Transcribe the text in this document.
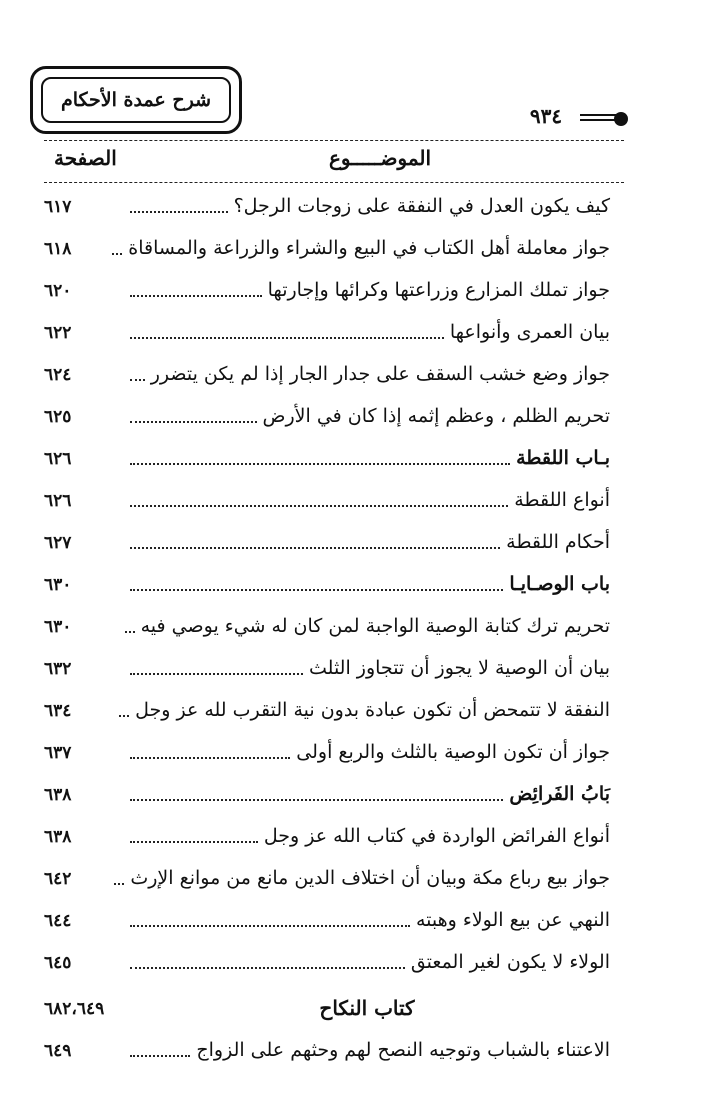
شرح عمدة الأحكام
٩٣٤
الموضـــــوع
الصفحة
كيف يكون العدل في النفقة على زوجات الرجل؟
٦١٧
جواز معاملة أهل الكتاب في البيع والشراء والزراعة والمساقاة
٦١٨
جواز تملك المزارع وزراعتها وكرائها وإجارتها
٦٢٠
بيان العمرى وأنواعها
٦٢٢
جواز وضع خشب السقف على جدار الجار إذا لم يكن يتضرر
٦٢٤
تحريم الظلم ، وعظم إثمه إذا كان في الأرض
٦٢٥
بـاب اللقطة
٦٢٦
أنواع اللقطة
٦٢٦
أحكام اللقطة
٦٢٧
باب الوصـايـا
٦٣٠
تحريم ترك كتابة الوصية الواجبة لمن كان له شيء يوصي فيه
٦٣٠
بيان أن الوصية لا يجوز أن تتجاوز الثلث
٦٣٢
النفقة لا تتمحض أن تكون عبادة بدون نية التقرب لله عز وجل
٦٣٤
جواز أن تكون الوصية بالثلث والربع أولى
٦٣٧
بَابُ الفَرائِض
٦٣٨
أنواع الفرائض الواردة في كتاب الله عز وجل
٦٣٨
جواز بيع رباع مكة وبيان أن اختلاف الدين مانع من موانع الإرث
٦٤٢
النهي عن بيع الولاء وهبته
٦٤٤
الولاء لا يكون لغير المعتق
٦٤٥
كتاب النكاح
٦٨٢،٦٤٩
الاعتناء بالشباب وتوجيه النصح لهم وحثهم على الزواج
٦٤٩
